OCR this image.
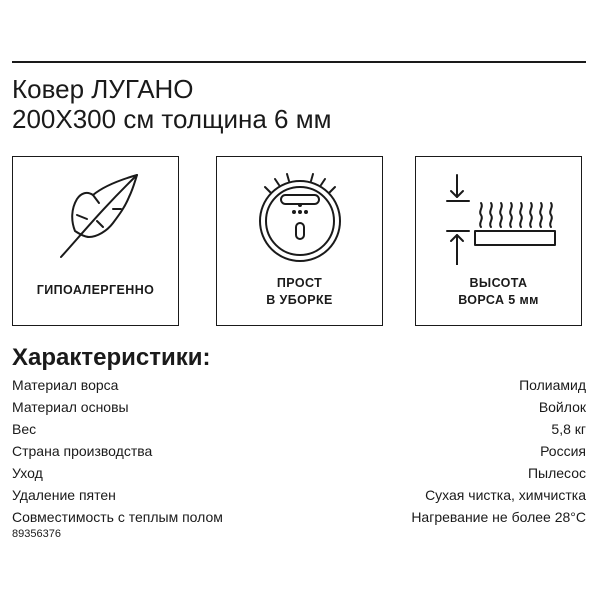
Ковер ЛУГАНО
200X300 см толщина 6 мм
ГИПОАЛЕРГЕННО	ПРОСТ
В УБОРКЕ
ВЫСОТА
ВОРСА 5 мм
Характеристики:
Материал ворса	Полиамид
Материал основы	Войлок
Вес	5,8 кг
Страна производства	Россия
Уход	Пылесос
Удаление пятен	Сухая чистка, химчистка
Совместимость с теплым полом	Нагревание не более 28°С
89356376
